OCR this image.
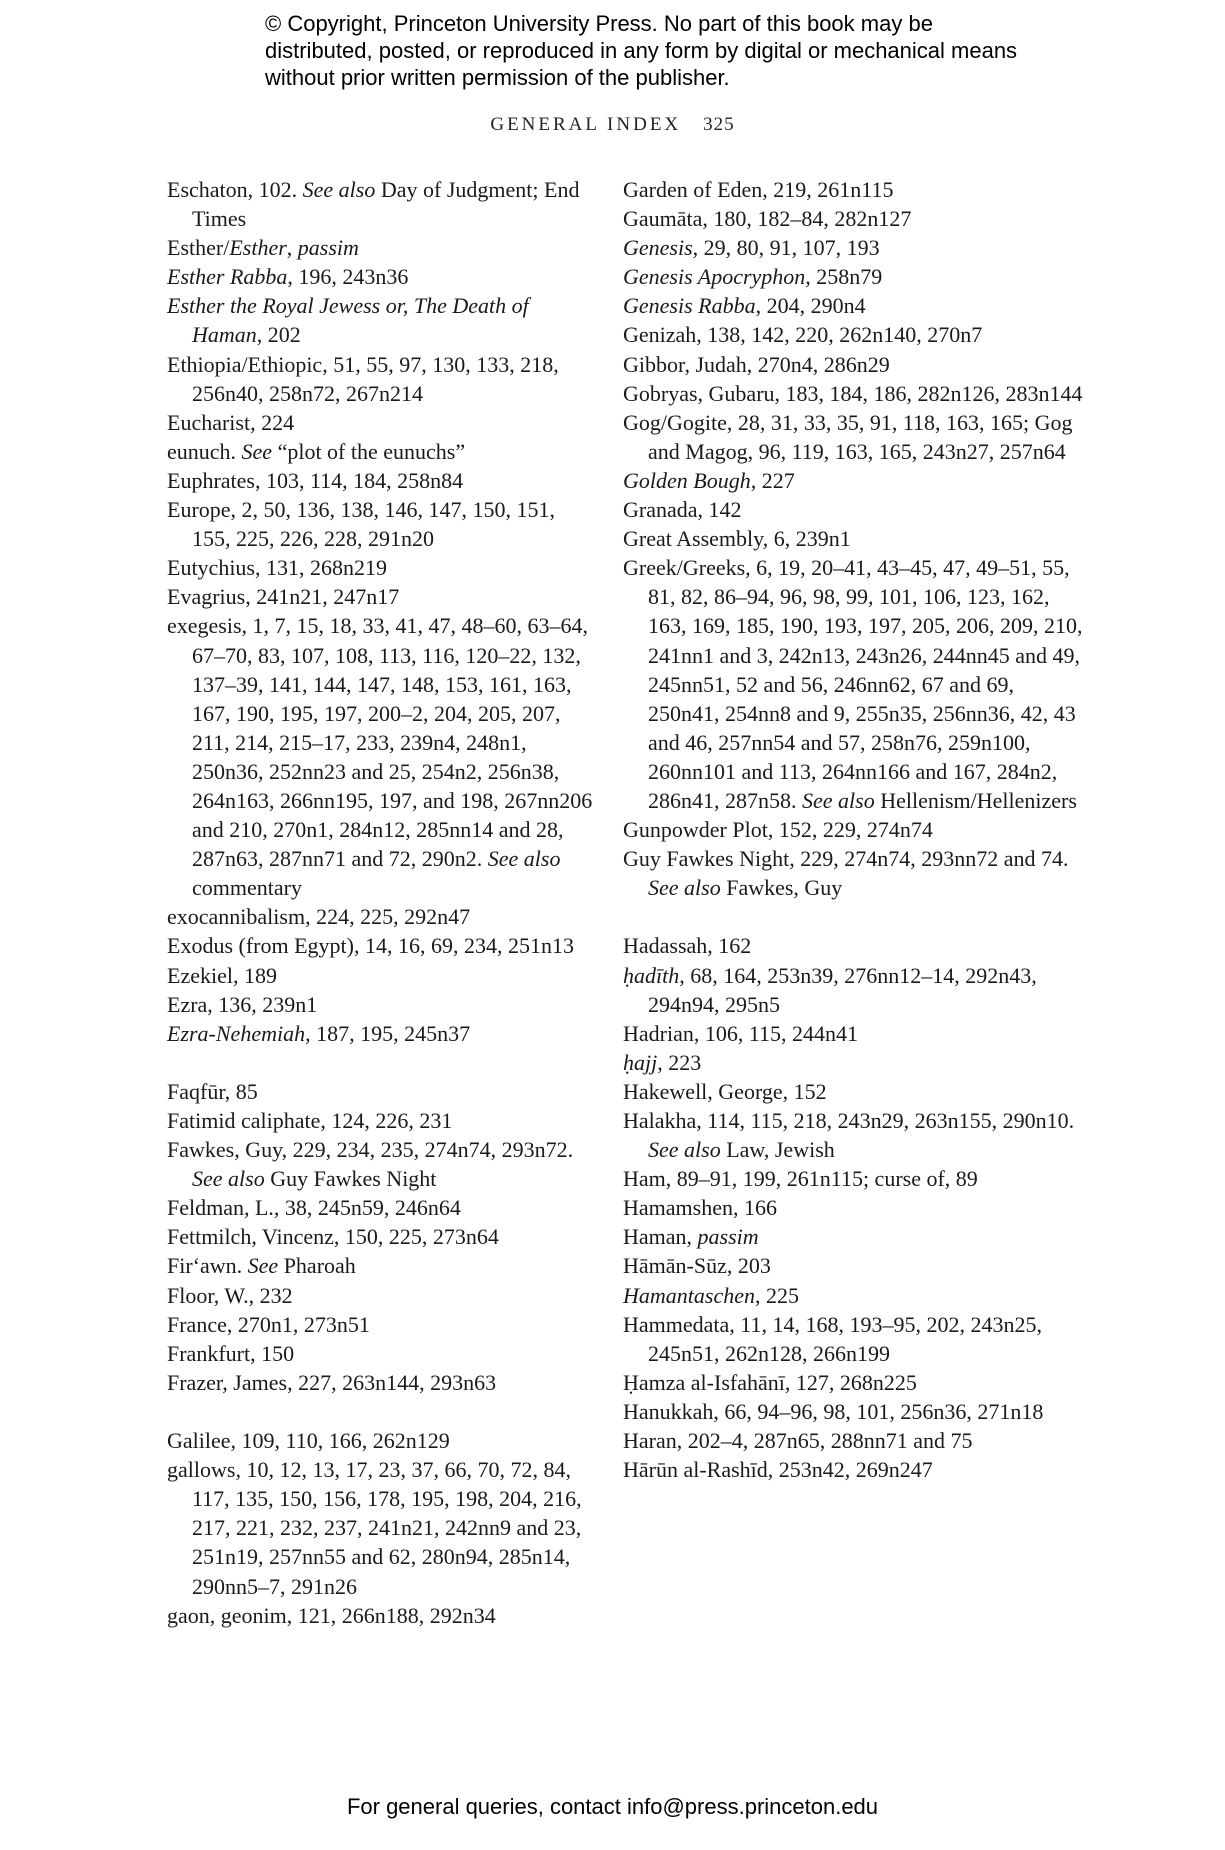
© Copyright, Princeton University Press. No part of this book may be distributed, posted, or reproduced in any form by digital or mechanical means without prior written permission of the publisher.
GENERAL INDEX 325
Eschaton, 102. See also Day of Judgment; End Times
Esther/Esther, passim
Esther Rabba, 196, 243n36
Esther the Royal Jewess or, The Death of Haman, 202
Ethiopia/Ethiopic, 51, 55, 97, 130, 133, 218, 256n40, 258n72, 267n214
Eucharist, 224
eunuch. See “plot of the eunuchs”
Euphrates, 103, 114, 184, 258n84
Europe, 2, 50, 136, 138, 146, 147, 150, 151, 155, 225, 226, 228, 291n20
Eutychius, 131, 268n219
Evagrius, 241n21, 247n17
exegesis, 1, 7, 15, 18, 33, 41, 47, 48–60, 63–64, 67–70, 83, 107, 108, 113, 116, 120–22, 132, 137–39, 141, 144, 147, 148, 153, 161, 163, 167, 190, 195, 197, 200–2, 204, 205, 207, 211, 214, 215–17, 233, 239n4, 248n1, 250n36, 252nn23 and 25, 254n2, 256n38, 264n163, 266nn195, 197, and 198, 267nn206 and 210, 270n1, 284n12, 285nn14 and 28, 287n63, 287nn71 and 72, 290n2. See also commentary
exocannibalism, 224, 225, 292n47
Exodus (from Egypt), 14, 16, 69, 234, 251n13
Ezekiel, 189
Ezra, 136, 239n1
Ezra-Nehemiah, 187, 195, 245n37
Faqfūr, 85
Fatimid caliphate, 124, 226, 231
Fawkes, Guy, 229, 234, 235, 274n74, 293n72. See also Guy Fawkes Night
Feldman, L., 38, 245n59, 246n64
Fettmilch, Vincenz, 150, 225, 273n64
Fir‘awn. See Pharoah
Floor, W., 232
France, 270n1, 273n51
Frankfurt, 150
Frazer, James, 227, 263n144, 293n63
Galilee, 109, 110, 166, 262n129
gallows, 10, 12, 13, 17, 23, 37, 66, 70, 72, 84, 117, 135, 150, 156, 178, 195, 198, 204, 216, 217, 221, 232, 237, 241n21, 242nn9 and 23, 251n19, 257nn55 and 62, 280n94, 285n14, 290nn5–7, 291n26
gaon, geonim, 121, 266n188, 292n34
Garden of Eden, 219, 261n115
Gaumāta, 180, 182–84, 282n127
Genesis, 29, 80, 91, 107, 193
Genesis Apocryphon, 258n79
Genesis Rabba, 204, 290n4
Genizah, 138, 142, 220, 262n140, 270n7
Gibbor, Judah, 270n4, 286n29
Gobryas, Gubaru, 183, 184, 186, 282n126, 283n144
Gog/Gogite, 28, 31, 33, 35, 91, 118, 163, 165; Gog and Magog, 96, 119, 163, 165, 243n27, 257n64
Golden Bough, 227
Granada, 142
Great Assembly, 6, 239n1
Greek/Greeks, 6, 19, 20–41, 43–45, 47, 49–51, 55, 81, 82, 86–94, 96, 98, 99, 101, 106, 123, 162, 163, 169, 185, 190, 193, 197, 205, 206, 209, 210, 241nn1 and 3, 242n13, 243n26, 244nn45 and 49, 245nn51, 52 and 56, 246nn62, 67 and 69, 250n41, 254nn8 and 9, 255n35, 256nn36, 42, 43 and 46, 257nn54 and 57, 258n76, 259n100, 260nn101 and 113, 264nn166 and 167, 284n2, 286n41, 287n58. See also Hellenism/Hellenizers
Gunpowder Plot, 152, 229, 274n74
Guy Fawkes Night, 229, 274n74, 293nn72 and 74. See also Fawkes, Guy
Hadassah, 162
ḥadīth, 68, 164, 253n39, 276nn12–14, 292n43, 294n94, 295n5
Hadrian, 106, 115, 244n41
ḥajj, 223
Hakewell, George, 152
Halakha, 114, 115, 218, 243n29, 263n155, 290n10. See also Law, Jewish
Ham, 89–91, 199, 261n115; curse of, 89
Hamamshen, 166
Haman, passim
Hāmān-Sūz, 203
Hamantaschen, 225
Hammedata, 11, 14, 168, 193–95, 202, 243n25, 245n51, 262n128, 266n199
Ḥamza al-Isfahānī, 127, 268n225
Hanukkah, 66, 94–96, 98, 101, 256n36, 271n18
Haran, 202–4, 287n65, 288nn71 and 75
Hārūn al-Rashīd, 253n42, 269n247
For general queries, contact info@press.princeton.edu
